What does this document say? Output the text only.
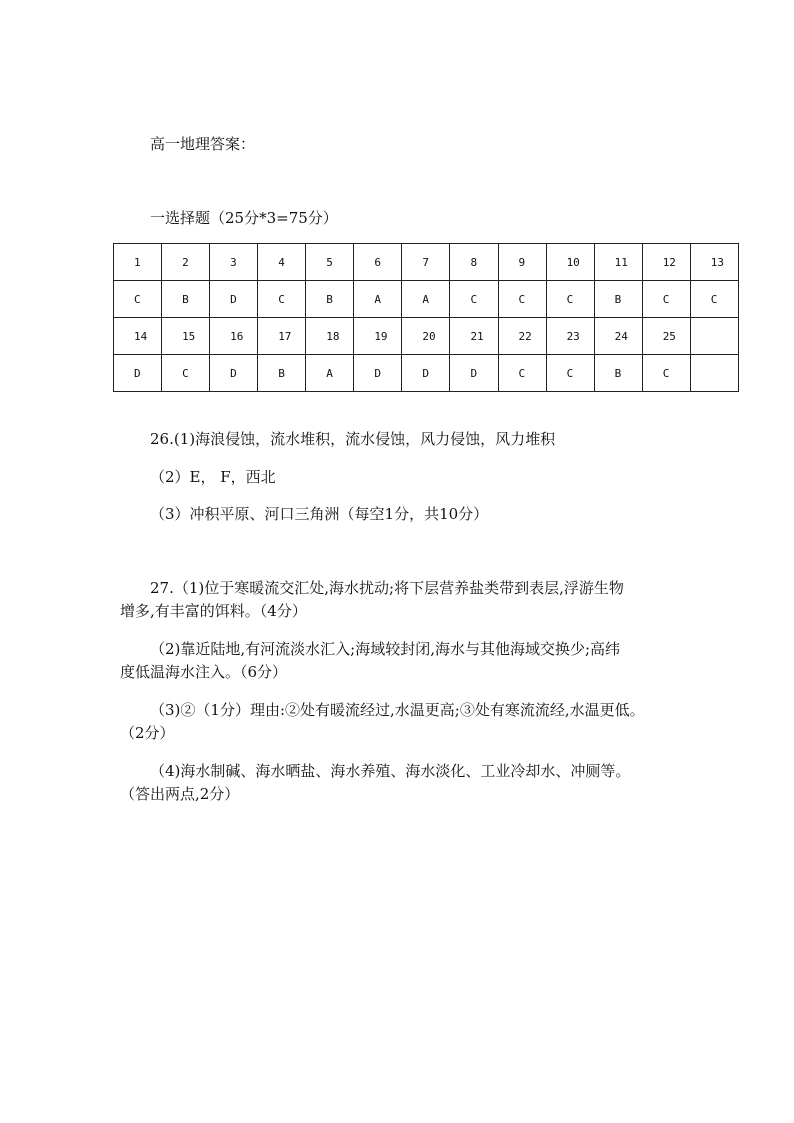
高一地理答案：
一选择题（25分*3=75分）
1	2	3	4	5	6	7	8	9	10	11	12	13
C	B	D	C	B	A	A	C	C	C	B	C	C
14	15	16	17	18	19	20	21	22	23	24	25	
D	C	D	B	A	D	D	D	C	C	B	C	
26.(1)海浪侵蚀，流水堆积，流水侵蚀，风力侵蚀，风力堆积
（2）E， F，西北
（3）冲积平原、河口三角洲（每空1分，共10分）
27.（1)位于寒暖流交汇处,海水扰动;将下层营养盐类带到表层,浮游生物
增多,有丰富的饵料。（4分）
（2)靠近陆地,有河流淡水汇入;海域较封闭,海水与其他海域交换少;高纬
度低温海水注入。（6分）
（3)②（1分）理由:②处有暖流经过,水温更高;③处有寒流流经,水温更低。
（2分）
（4)海水制碱、海水晒盐、海水养殖、海水淡化、工业冷却水、冲厕等。
（答出两点,2分）
